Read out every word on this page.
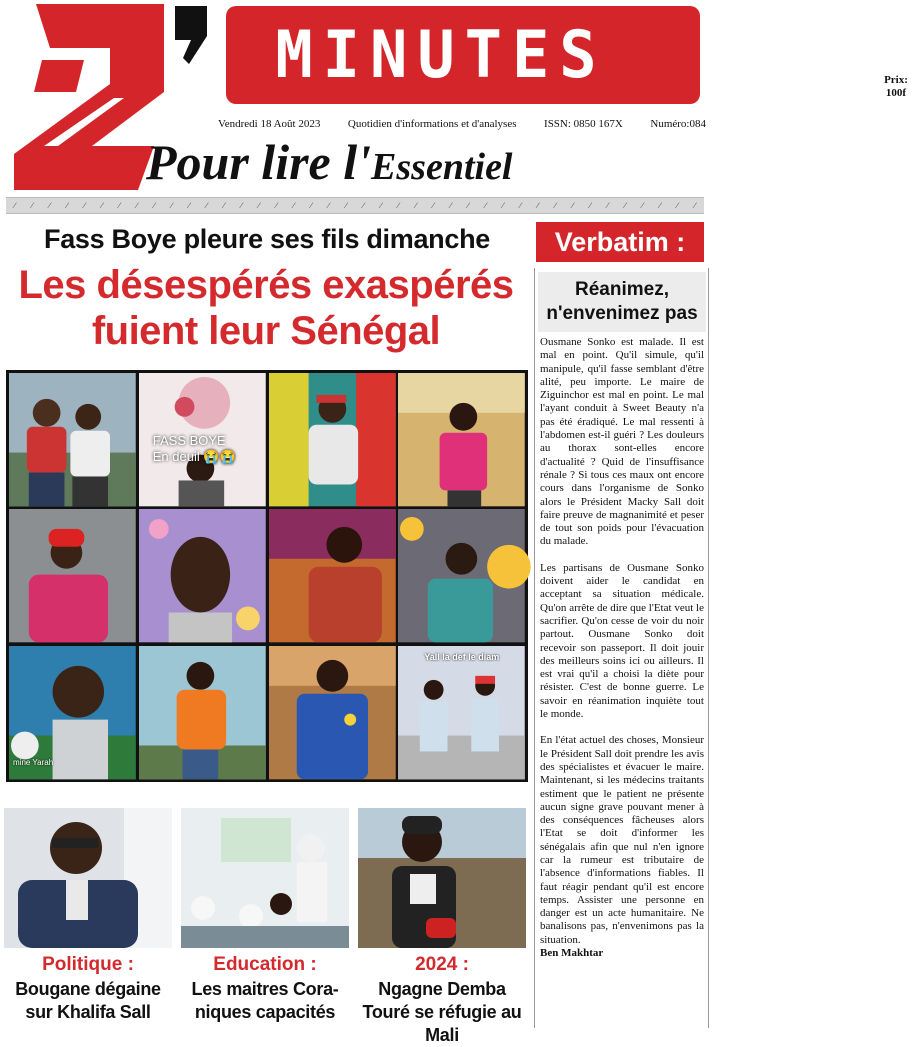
MINUTES	Prix:
100f
Vendredi 18 Août 2023	Quotidien d'informations et d'analyses	ISSN: 0850 167X	Numéro:084
Pour lire l'Essentiel
⁄ ⁄ ⁄ ⁄ ⁄ ⁄ ⁄ ⁄ ⁄ ⁄ ⁄ ⁄ ⁄ ⁄ ⁄ ⁄ ⁄ ⁄ ⁄ ⁄ ⁄ ⁄ ⁄ ⁄ ⁄ ⁄ ⁄ ⁄ ⁄ ⁄ ⁄ ⁄ ⁄ ⁄ ⁄ ⁄ ⁄ ⁄ ⁄ ⁄
Fass Boye pleure ses fils dimanche
Les désespérés exaspérés
fuient leur Sénégal
FASS BOYE
En deuil 😭😭
mine Yarah
Yall la def le diam
Politique :
Bougane dégaine sur Khalifa Sall
Education :
Les maitres Cora-niques capacités
2024 :
Ngagne Demba Touré se réfugie au Mali
Verbatim :
Réanimez, n'envenimez pas

Ousmane Sonko est malade. Il est mal en point. Qu'il simule, qu'il manipule, qu'il fasse semblant d'être alité, peu importe. Le maire de Ziguinchor est mal en point. Le mal l'ayant conduit à Sweet Beauty n'a pas été éradiqué. Le mal ressenti à l'abdomen est-il guéri ? Les douleurs au thorax sont-elles encore d'actualité ? Quid de l'insuffisance rénale ? Si tous ces maux ont encore cours dans l'organisme de Sonko alors le Président Macky Sall doit faire preuve de magnanimité et peser de tout son poids pour l'évacuation du malade.

Les partisans de Ousmane Sonko doivent aider le candidat en acceptant sa situation médicale. Qu'on arrête de dire que l'Etat veut le sacrifier. Qu'on cesse de voir du noir partout. Ousmane Sonko doit recevoir son passeport. Il doit jouir des meilleurs soins ici ou ailleurs. Il est vrai qu'il a choisi la diète pour résister. C'est de bonne guerre. Le savoir en réanimation inquiète tout le monde.

En l'état actuel des choses, Monsieur le Président Sall doit prendre les avis des spécialistes et évacuer le maire. Maintenant, si les médecins traitants estiment que le patient ne présente aucun signe grave pouvant mener à des conséquences fâcheuses alors l'Etat se doit d'informer les sénégalais afin que nul n'en ignore car la rumeur est tributaire de l'absence d'informations fiables. Il faut réagir pendant qu'il est encore temps. Assister une personne en danger est un acte humanitaire. Ne banalisons pas, n'envenimons pas la situation.

Ben Makhtar
